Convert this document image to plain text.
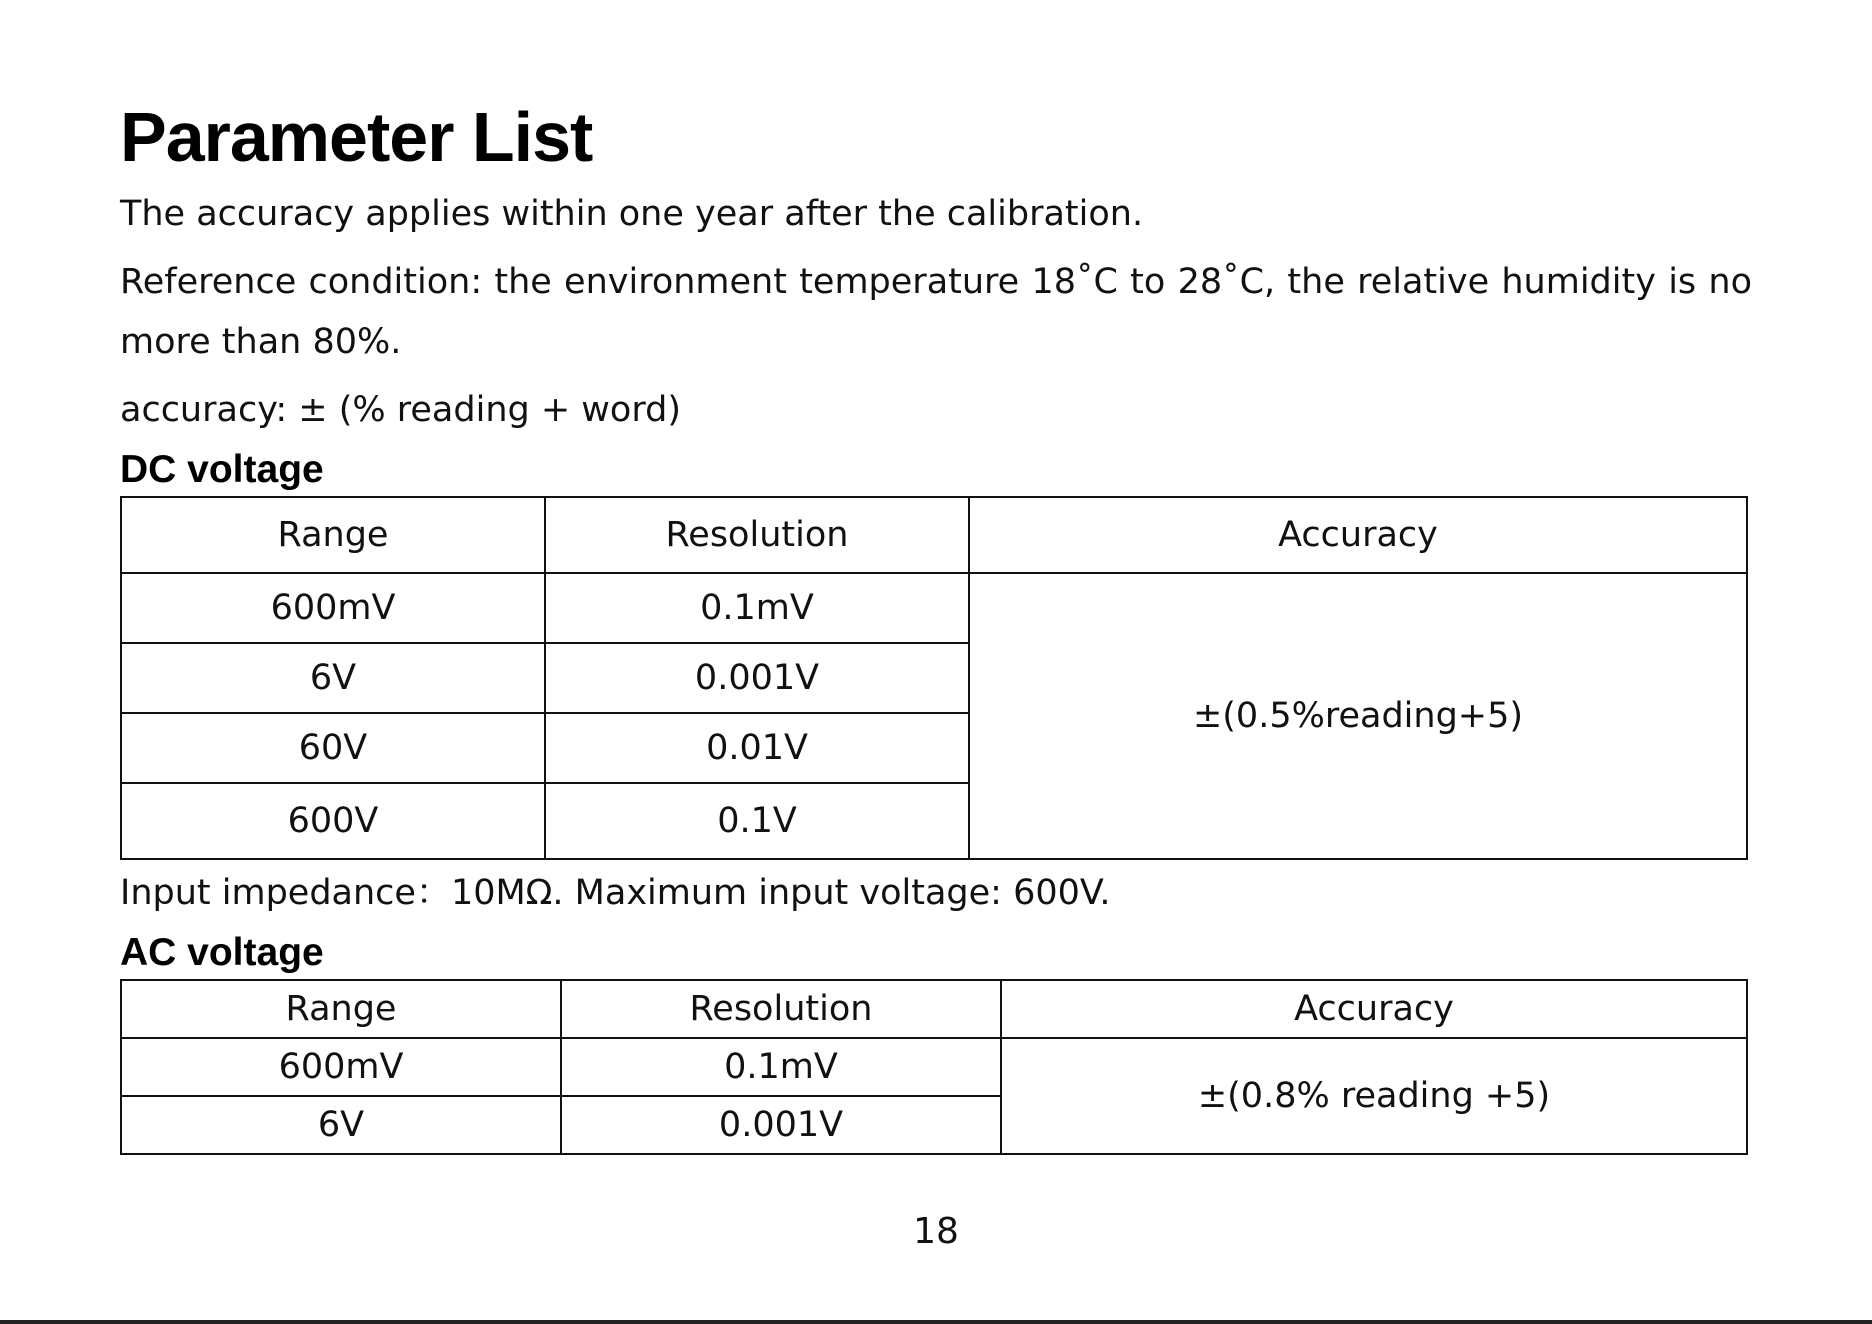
Parameter List

The accuracy applies within one year after the calibration.

Reference condition: the environment temperature 18˚C to 28˚C, the relative humidity is no more than 80%.

accuracy: ± (% reading + word)

DC voltage
Range	Resolution	Accuracy
600mV	0.1mV	±(0.5%reading+5)
6V	0.001V	
60V	0.01V	
600V	0.1V	

Input impedance：10MΩ. Maximum input voltage: 600V.

AC voltage
Range	Resolution	Accuracy
600mV	0.1mV	±(0.8% reading +5)
6V	0.001V	
18
